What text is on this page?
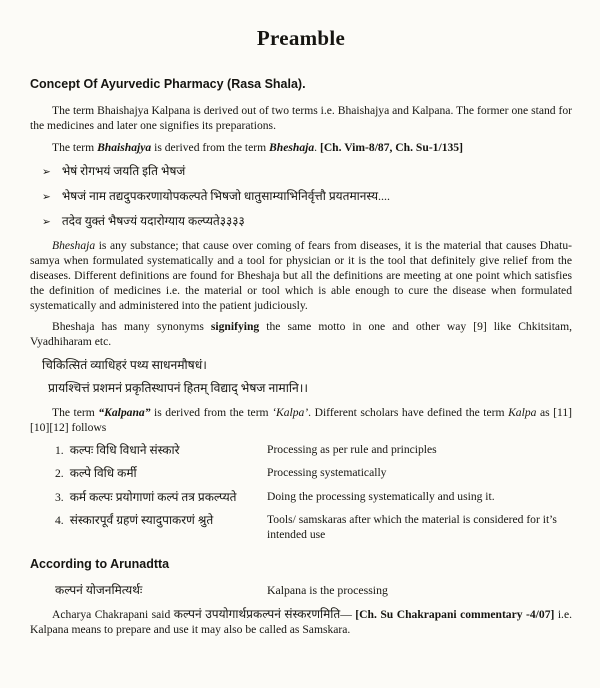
Preamble
Concept Of Ayurvedic Pharmacy (Rasa Shala).

The term Bhaishajya Kalpana is derived out of two terms i.e. Bhaishajya and Kalpana. The former one stand for the medicines and later one signifies its preparations.

The term Bhaishajya is derived from the term Bheshaja. [Ch. Vim-8/87, Ch. Su-1/135]

➢ भेषं रोगभयं जयति इति भेषजं
➢ भेषजं नाम तद्यदुपकरणायोपकल्पते भिषजो धातुसाम्याभिनिर्वृत्तौ प्रयतमानस्य....
➢ तदेव युक्तं भैषज्यं यदारोग्याय कल्प्यते३३३३

Bheshaja is any substance; that cause over coming of fears from diseases, it is the material that causes Dhatu-samya when formulated systematically and a tool for physician or it is the tool that definitely give relief from the diseases. Different definitions are found for Bheshaja but all the definitions are meeting at one point which satisfies the definition of medicines i.e. the material or tool which is able enough to cure the disease when formulated systematically and administered into the patient judiciously.

Bheshaja has many synonyms signifying the same motto in one and other way [9] like Chkitsitam, Vyadhiharam etc.

चिकित्सितं व्याधिहरं पथ्य साधनमौषधं।
प्रायश्चित्तं प्रशमनं प्रकृतिस्थापनं हितम् विद्याद् भेषज नामानि।।

The term “Kalpana” is derived from the term ‘Kalpa’. Different scholars have defined the term Kalpa as [11][10][12] follows

1. कल्पः विधि विधाने संस्कारे	Processing as per rule and principles
2. कल्पे विधि कर्मी	Processing systematically
3. कर्म कल्पः प्रयोगाणां कल्पं तत्र प्रकल्प्यते	Doing the processing systematically and using it.
4. संस्कारपूर्वं ग्रहणं स्यादुपाकरणं श्रुते	Tools/ samskaras after which the material is considered for it’s intended use
According to Arunadtta
कल्पनं योजनमित्यर्थः	Kalpana is the processing

Acharya Chakrapani said कल्पनं उपयोगार्थप्रकल्पनं संस्करणमिति— [Ch. Su Chakrapani commentary -4/07] i.e. Kalpana means to prepare and use it may also be called as Samskara.
